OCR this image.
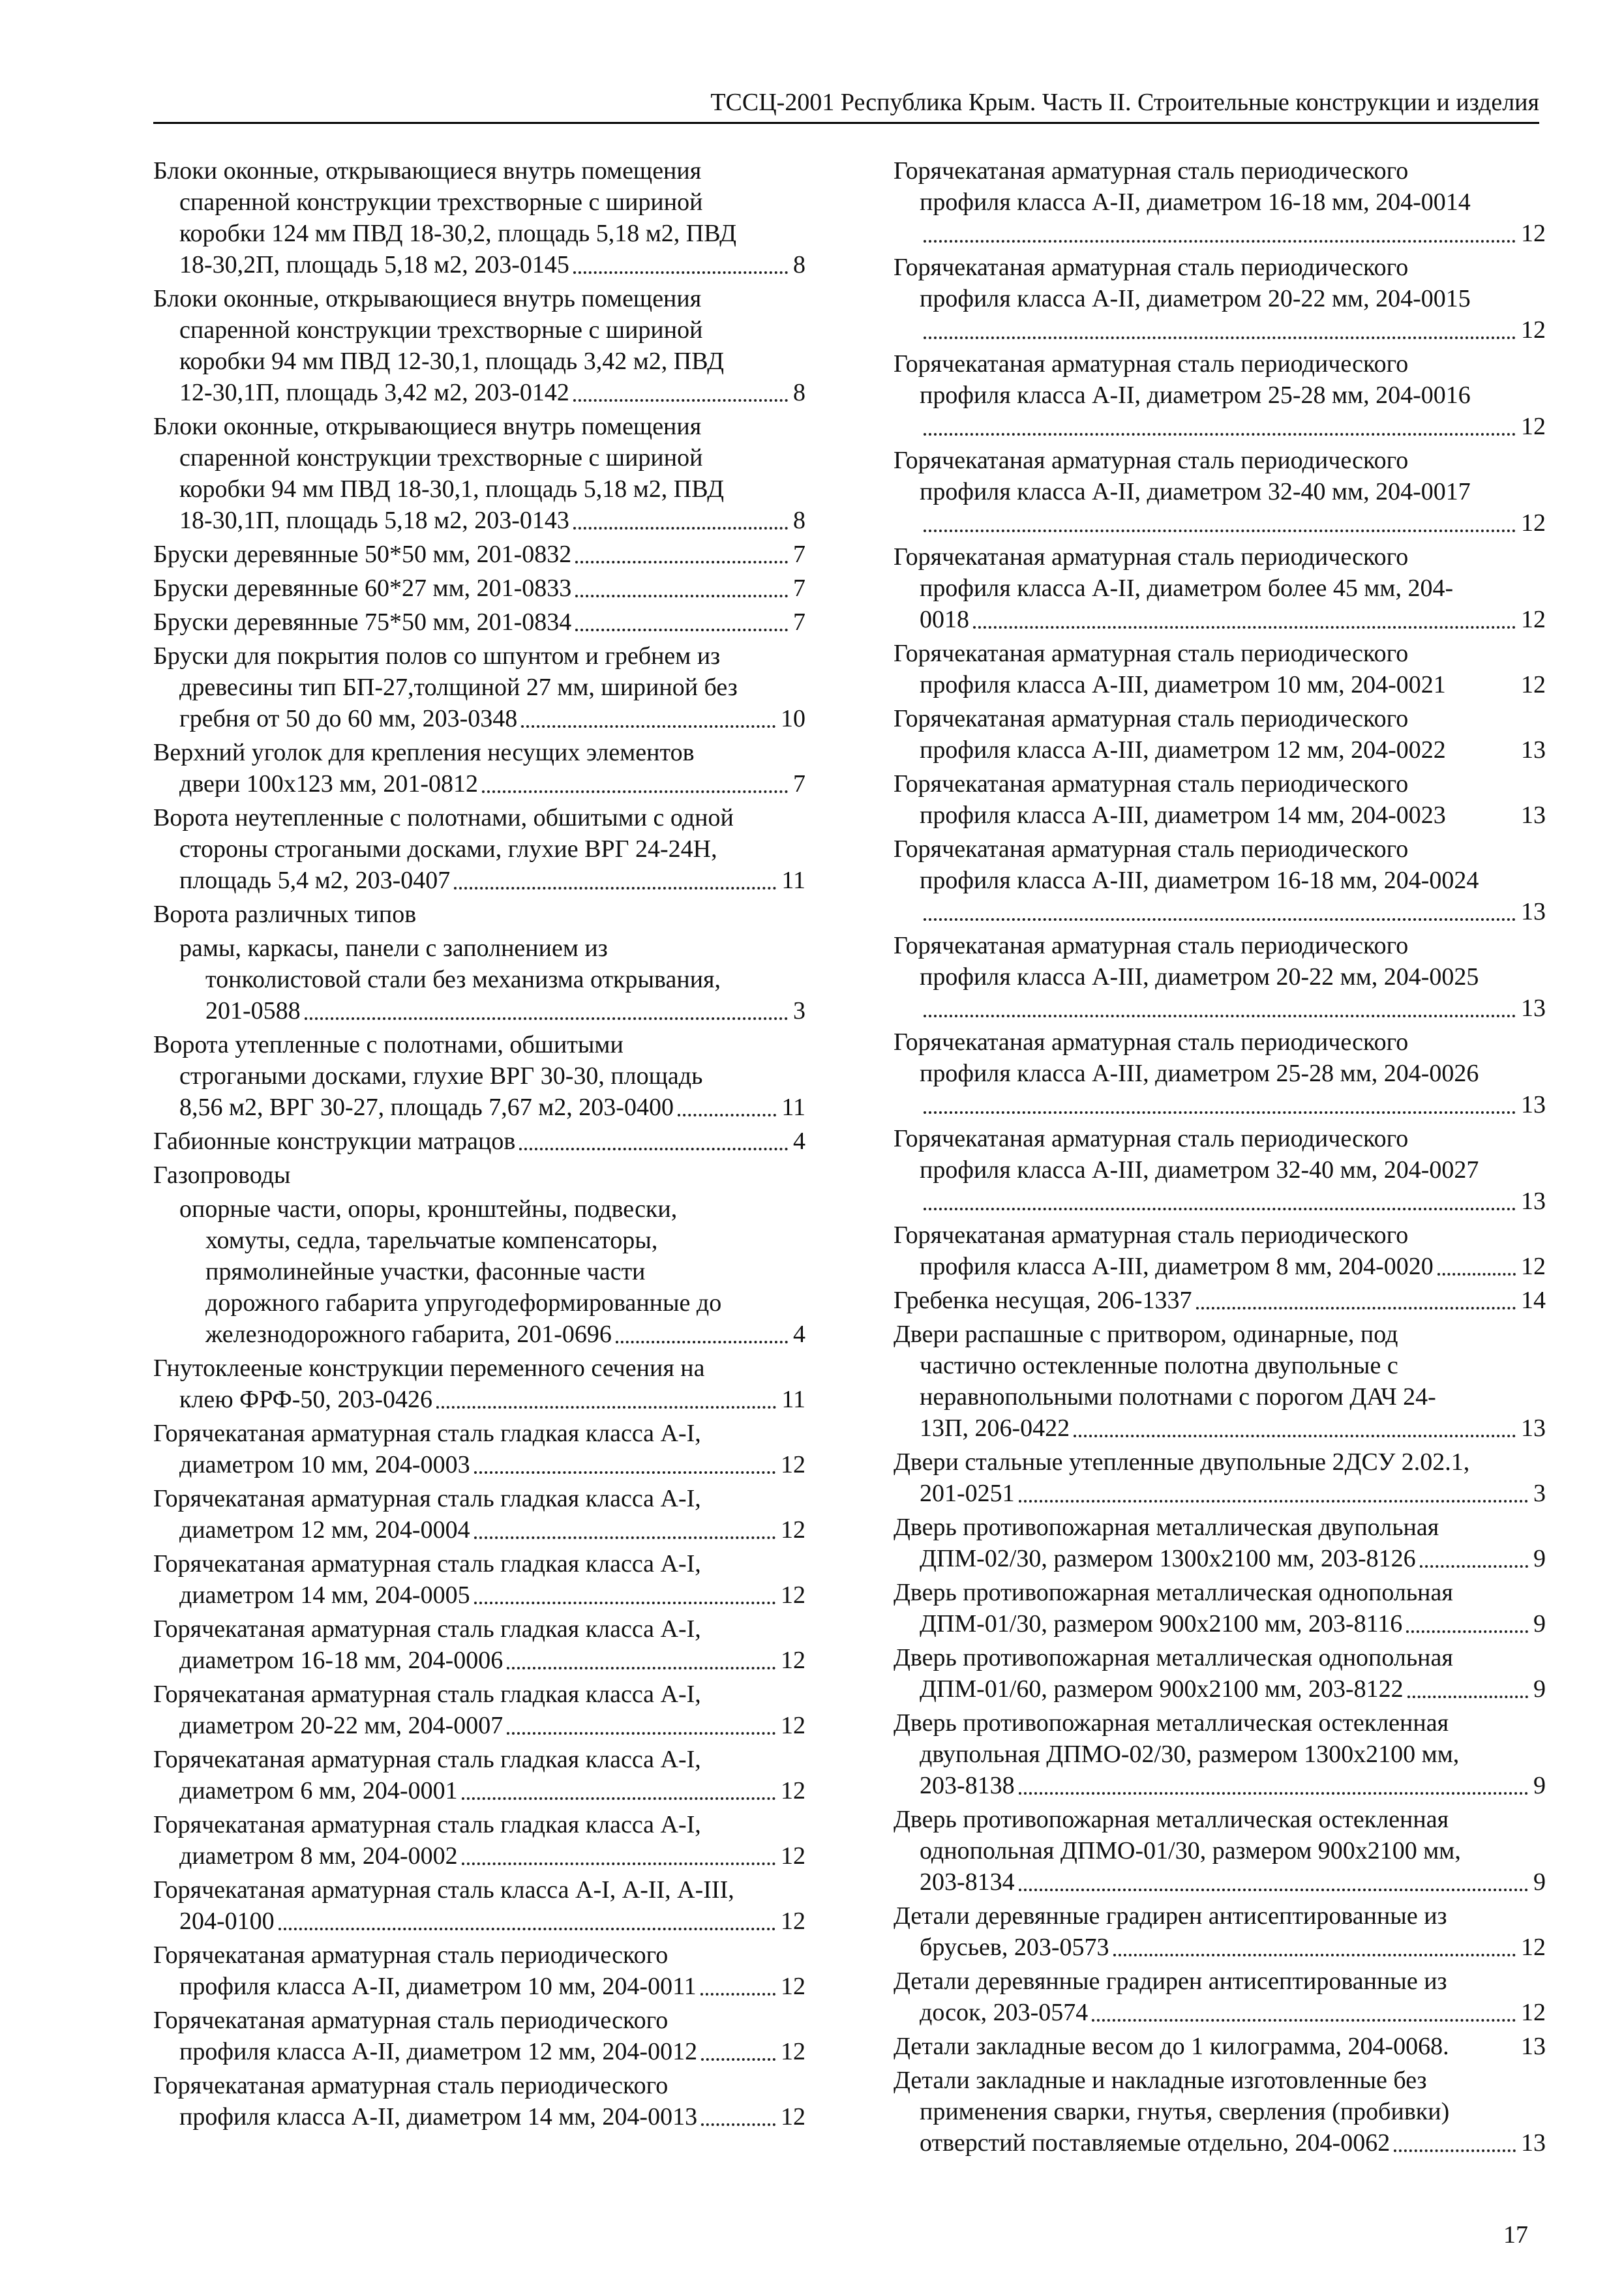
ТССЦ-2001 Республика Крым. Часть II. Строительные конструкции и изделия
Блоки оконные, открывающиеся внутрь помещения
спаренной конструкции трехстворные с шириной
коробки 124 мм ПВД 18-30,2, площадь 5,18 м2, ПВД
18-30,2П, площадь 5,18 м2, 203-0145	8
Блоки оконные, открывающиеся внутрь помещения
спаренной конструкции трехстворные с шириной
коробки 94 мм ПВД 12-30,1, площадь 3,42 м2, ПВД
12-30,1П, площадь 3,42 м2, 203-0142	8
Блоки оконные, открывающиеся внутрь помещения
спаренной конструкции трехстворные с шириной
коробки 94 мм ПВД 18-30,1, площадь 5,18 м2, ПВД
18-30,1П, площадь 5,18 м2, 203-0143	8
Бруски деревянные 50*50 мм, 201-0832	7
Бруски деревянные 60*27 мм, 201-0833	7
Бруски деревянные 75*50 мм, 201-0834	7
Бруски для покрытия полов со шпунтом и гребнем из
древесины тип БП-27,толщиной 27 мм, шириной без
гребня от 50 до 60 мм, 203-0348	10
Верхний уголок для крепления несущих элементов
двери 100х123 мм, 201-0812	7
Ворота неутепленные с полотнами, обшитыми с одной
стороны строгаными досками, глухие ВРГ 24-24Н,
площадь 5,4 м2, 203-0407	11
Ворота различных типов
рамы, каркасы, панели с заполнением из
тонколистовой стали без механизма открывания,
201-0588	3
Ворота утепленные с полотнами, обшитыми
строгаными досками, глухие ВРГ 30-30, площадь
8,56 м2, ВРГ 30-27, площадь 7,67 м2, 203-0400	11
Габионные конструкции матрацов	4
Газопроводы
опорные части, опоры, кронштейны, подвески,
хомуты, седла, тарельчатые компенсаторы,
прямолинейные участки, фасонные части
дорожного габарита упругодеформированные до
железнодорожного габарита, 201-0696	4
Гнутоклееные конструкции переменного сечения на
клею ФРФ-50, 203-0426	11
Горячекатаная арматурная сталь гладкая класса А-I,
диаметром 10 мм, 204-0003	12
Горячекатаная арматурная сталь гладкая класса А-I,
диаметром 12 мм, 204-0004	12
Горячекатаная арматурная сталь гладкая класса А-I,
диаметром 14 мм, 204-0005	12
Горячекатаная арматурная сталь гладкая класса А-I,
диаметром 16-18 мм, 204-0006	12
Горячекатаная арматурная сталь гладкая класса А-I,
диаметром 20-22 мм, 204-0007	12
Горячекатаная арматурная сталь гладкая класса А-I,
диаметром 6 мм, 204-0001	12
Горячекатаная арматурная сталь гладкая класса А-I,
диаметром 8 мм, 204-0002	12
Горячекатаная арматурная сталь класса А-I, А-II, А-III,
204-0100	12
Горячекатаная арматурная сталь периодического
профиля класса А-II, диаметром 10 мм, 204-0011	12
Горячекатаная арматурная сталь периодического
профиля класса А-II, диаметром 12 мм, 204-0012	12
Горячекатаная арматурная сталь периодического
профиля класса А-II, диаметром 14 мм, 204-0013	12
Горячекатаная арматурная сталь периодического
профиля класса А-II, диаметром 16-18 мм, 204-0014
12
Горячекатаная арматурная сталь периодического
профиля класса А-II, диаметром 20-22 мм, 204-0015
12
Горячекатаная арматурная сталь периодического
профиля класса А-II, диаметром 25-28 мм, 204-0016
12
Горячекатаная арматурная сталь периодического
профиля класса А-II, диаметром 32-40 мм, 204-0017
12
Горячекатаная арматурная сталь периодического
профиля класса А-II, диаметром более 45 мм, 204-
0018	12
Горячекатаная арматурная сталь периодического
профиля класса А-III, диаметром 10 мм, 204-0021	12
Горячекатаная арматурная сталь периодического
профиля класса А-III, диаметром 12 мм, 204-0022	13
Горячекатаная арматурная сталь периодического
профиля класса А-III, диаметром 14 мм, 204-0023	13
Горячекатаная арматурная сталь периодического
профиля класса А-III, диаметром 16-18 мм, 204-0024
13
Горячекатаная арматурная сталь периодического
профиля класса А-III, диаметром 20-22 мм, 204-0025
13
Горячекатаная арматурная сталь периодического
профиля класса А-III, диаметром 25-28 мм, 204-0026
13
Горячекатаная арматурная сталь периодического
профиля класса А-III, диаметром 32-40 мм, 204-0027
13
Горячекатаная арматурная сталь периодического
профиля класса А-III, диаметром 8 мм, 204-0020	12
Гребенка несущая, 206-1337	14
Двери распашные с притвором, одинарные, под
частично остекленные полотна двупольные с
неравнопольными полотнами с порогом ДАЧ 24-
13П, 206-0422	13
Двери стальные утепленные двупольные 2ДСУ 2.02.1,
201-0251	3
Дверь противопожарная металлическая двупольная
ДПМ-02/30, размером 1300х2100 мм, 203-8126	9
Дверь противопожарная металлическая однопольная
ДПМ-01/30, размером 900х2100 мм, 203-8116	9
Дверь противопожарная металлическая однопольная
ДПМ-01/60, размером 900х2100 мм, 203-8122	9
Дверь противопожарная металлическая остекленная
двупольная ДПМО-02/30, размером 1300х2100 мм,
203-8138	9
Дверь противопожарная металлическая остекленная
однопольная ДПМО-01/30, размером 900х2100 мм,
203-8134	9
Детали деревянные градирен антисептированные из
брусьев, 203-0573	12
Детали деревянные градирен антисептированные из
досок, 203-0574	12
Детали закладные весом до 1 килограмма, 204-0068.	13
Детали закладные и накладные изготовленные без
применения сварки, гнутья, сверления (пробивки)
отверстий поставляемые отдельно, 204-0062	13
17
